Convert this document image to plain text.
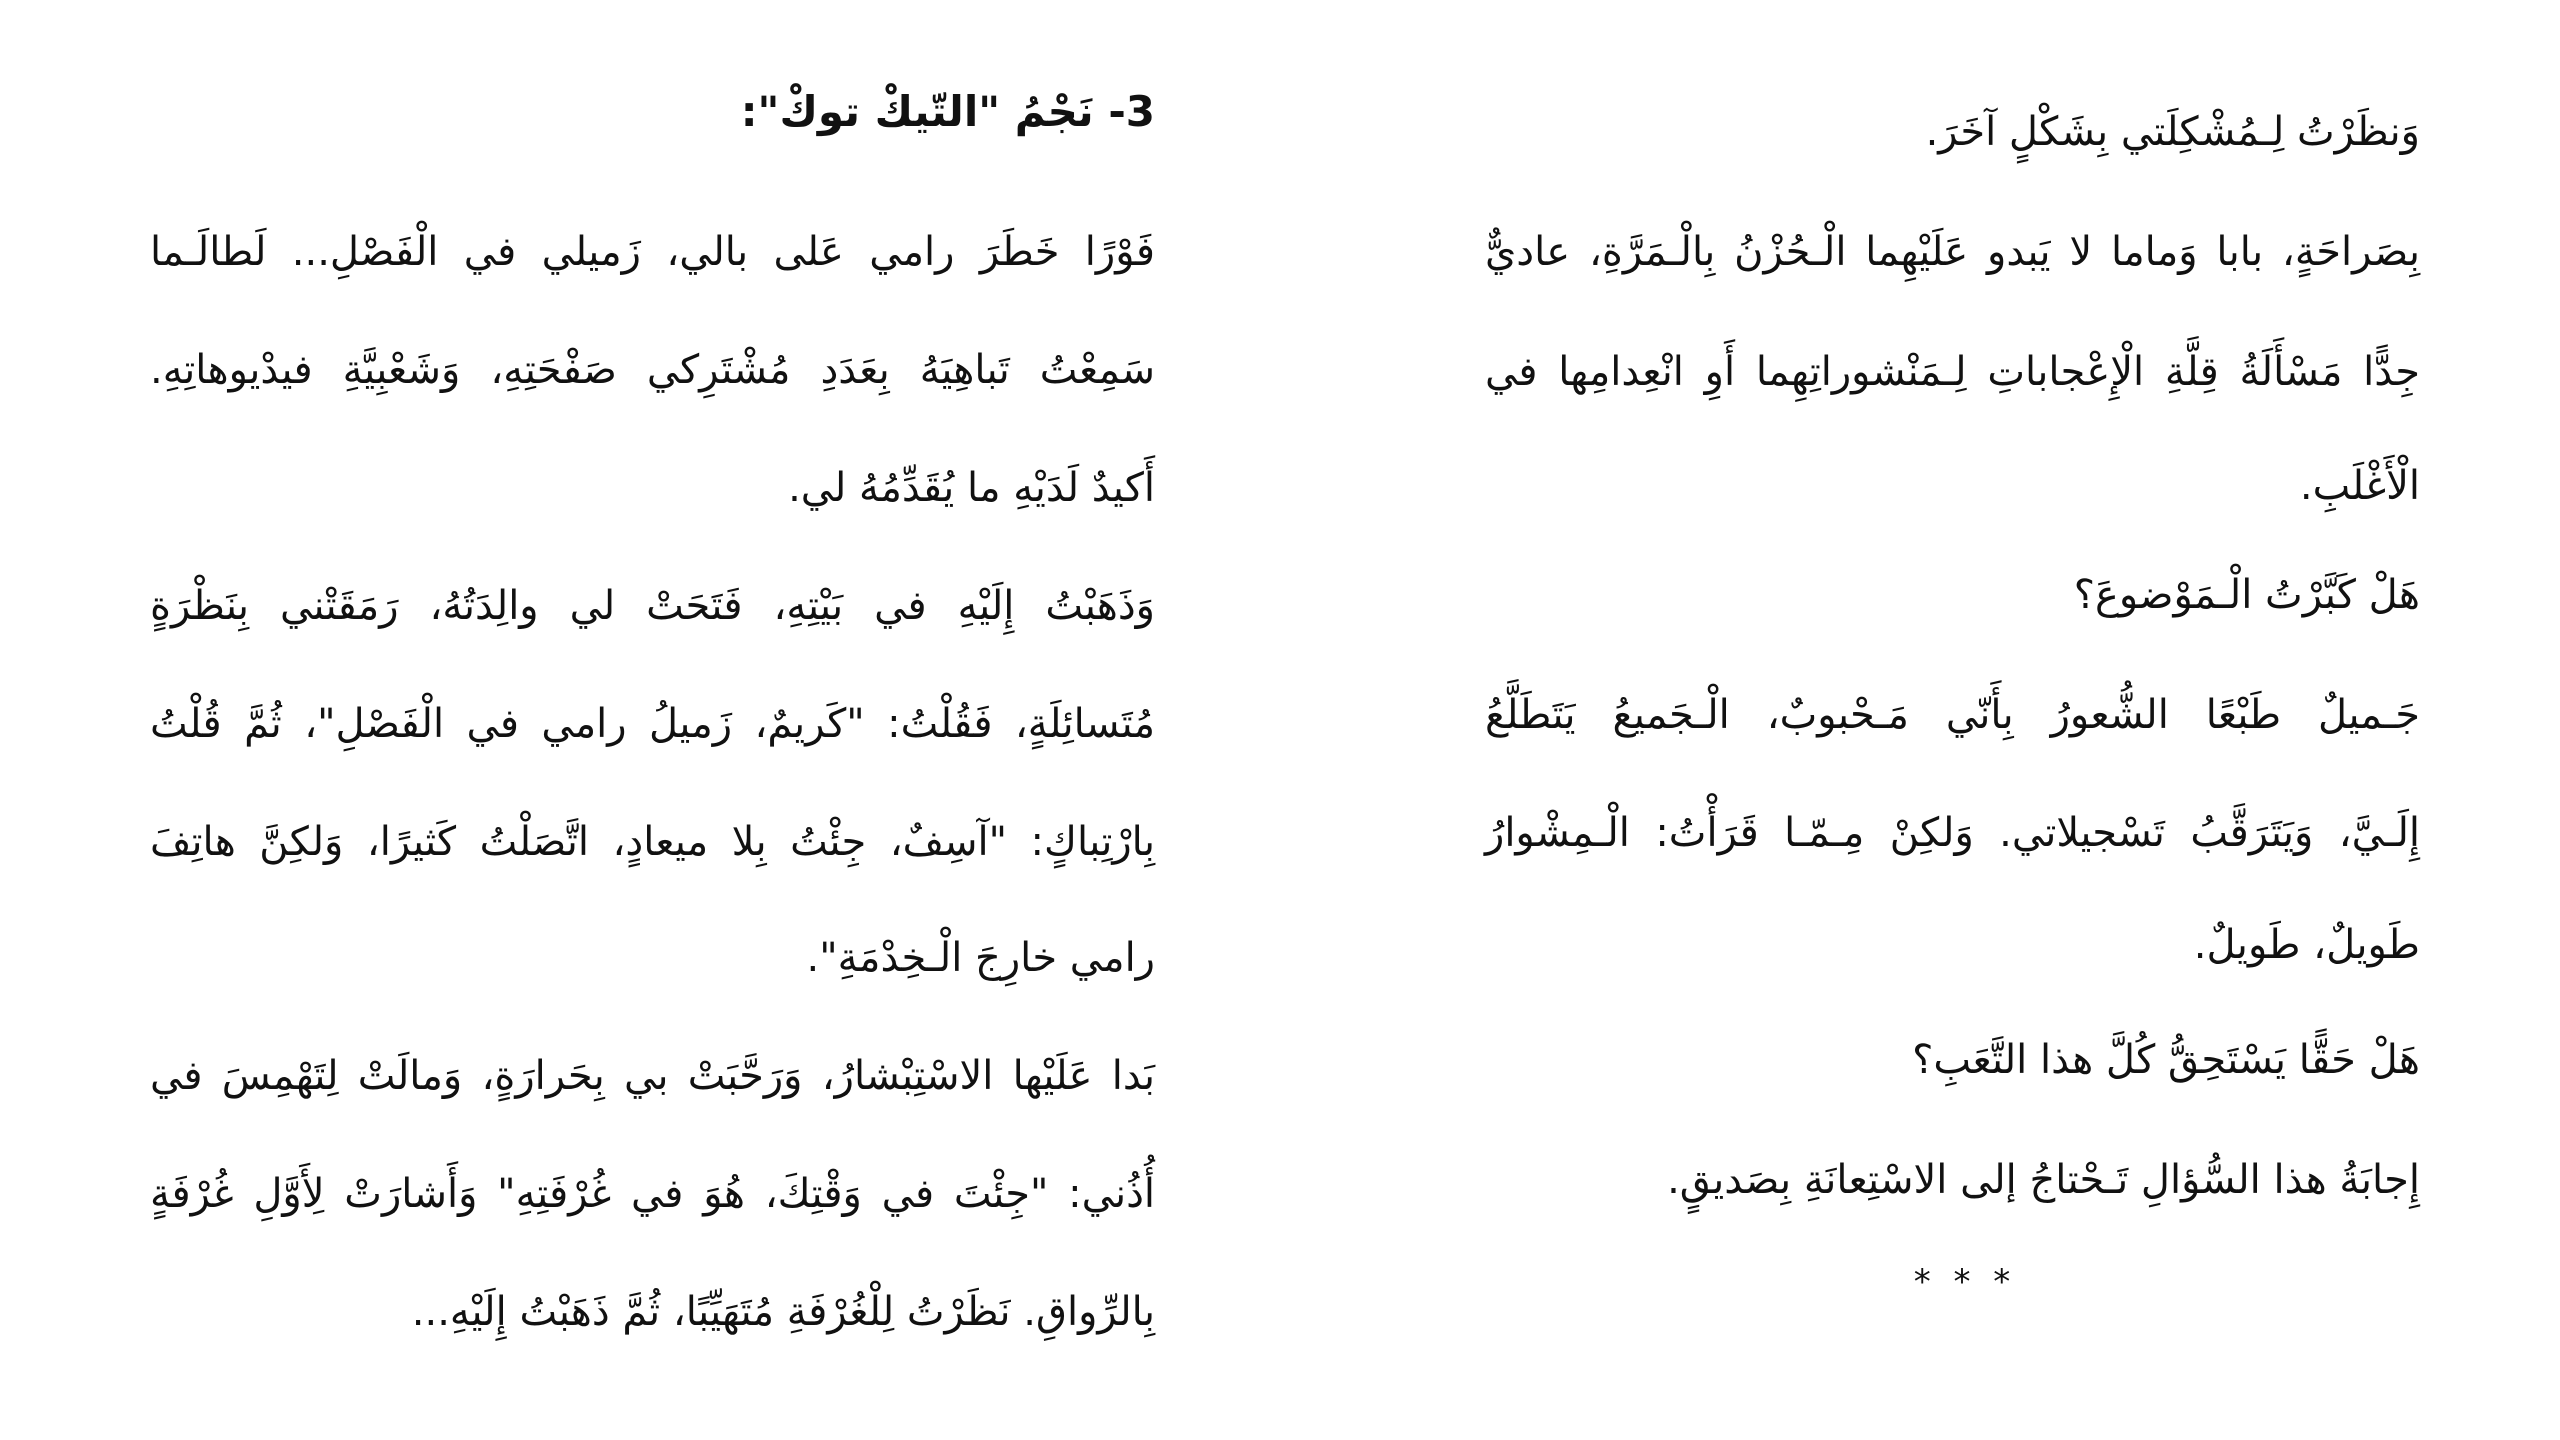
وَنظَرْتُ لِـمُشْكِلَتي بِشَكْلٍ آخَرَ.
بِصَراحَةٍ، بابا وَماما لا يَبدو عَلَيْهِما الْـحُزْنُ بِالْـمَرَّةِ، عاديٌّ
جِدًّا مَسْأَلَةُ قِلَّةِ الْإِعْجاباتِ لِـمَنْشوراتِهِما أَوِ انْعِدامِها في
الْأَغْلَبِ.
هَلْ كَبَّرْتُ الْـمَوْضوعَ؟
جَـميلٌ طَبْعًا الشُّعورُ بِأَنّي مَـحْبوبٌ، الْـجَميعُ يَتَطَلَّعُ
إِلَـيَّ، وَيَتَرَقَّبُ تَسْجيلاتي. وَلكِنْ مِـمّـا قَرَأْتُ: الْـمِشْوارُ
طَويلٌ، طَويلٌ.
هَلْ حَقًّا يَسْتَحِقُّ كُلَّ هذا التَّعَبِ؟
إِجابَةُ هذا السُّؤالِ تَـحْتاجُ إلى الاسْتِعانَةِ بِصَديقٍ.
* * *
3- نَجْمُ "التّيكْ توكْ":
فَوْرًا خَطَرَ رامي عَلى بالي، زَميلي في الْفَصْلِ... لَطالَـما
سَمِعْتُ تَباهِيَهُ بِعَدَدِ مُشْتَرِكي صَفْحَتِهِ، وَشَعْبِيَّةِ فيدْيوهاتِهِ.
أَكيدٌ لَدَيْهِ ما يُقَدِّمُهُ لي.
وَذَهَبْتُ إِلَيْهِ في بَيْتِهِ، فَتَحَتْ لي والِدَتُهُ، رَمَقَتْني بِنَظْرَةٍ
مُتَسائِلَةٍ، فَقُلْتُ: "كَريمٌ، زَميلُ رامي في الْفَصْلِ"، ثُمَّ قُلْتُ
بِارْتِباكٍ: "آسِفٌ، جِئْتُ بِلا ميعادٍ، اتَّصَلْتُ كَثيرًا، وَلكِنَّ هاتِفَ
رامي خارِجَ الْـخِدْمَةِ".
بَدا عَلَيْها الاسْتِبْشارُ، وَرَحَّبَتْ بي بِحَرارَةٍ، وَمالَتْ لِتَهْمِسَ في
أُذُني: "جِئْتَ في وَقْتِكَ، هُوَ في غُرْفَتِهِ" وَأَشارَتْ لِأَوَّلِ غُرْفَةٍ
بِالرِّواقِ. نَظَرْتُ لِلْغُرْفَةِ مُتَهَيِّبًا، ثُمَّ ذَهَبْتُ إِلَيْهِ...
